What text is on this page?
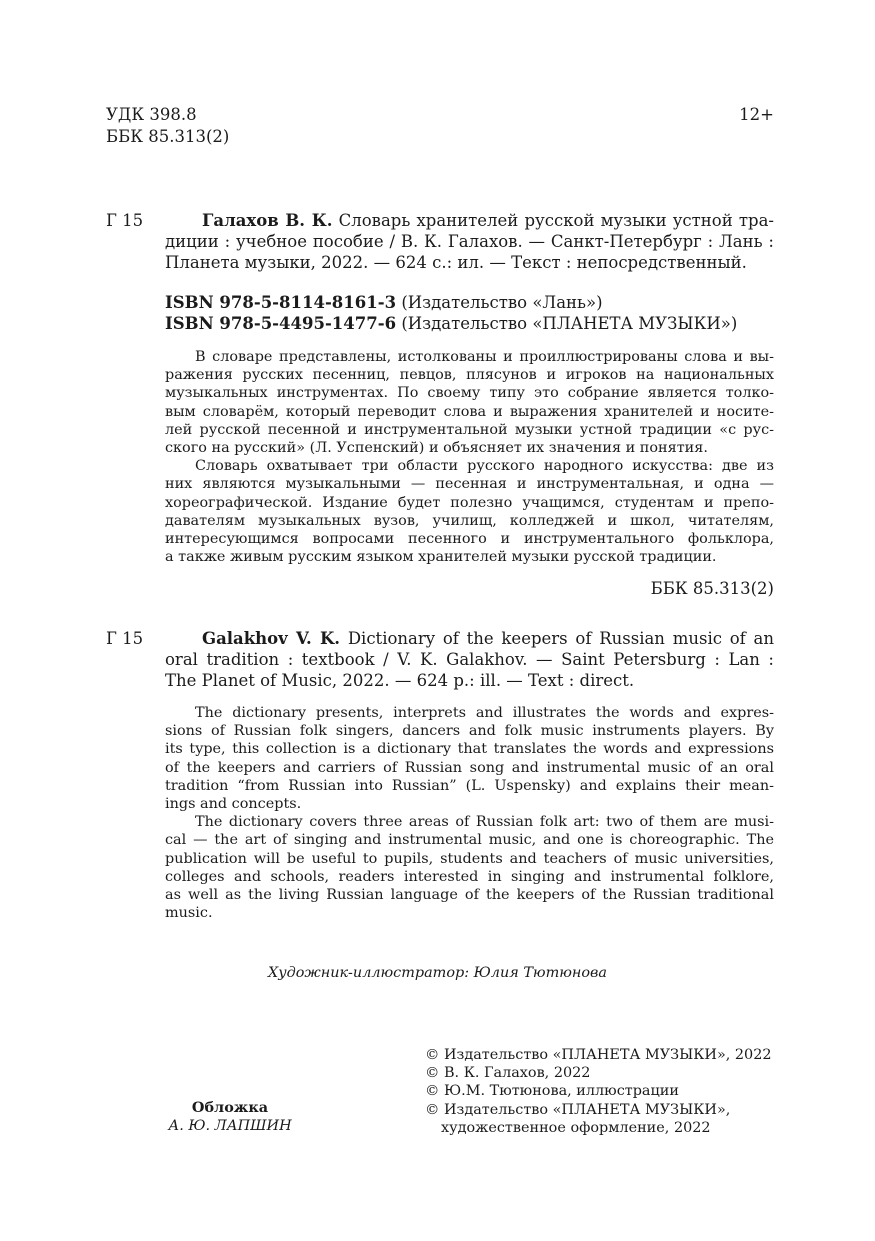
УДК 398.8
ББК 85.313(2)
12+
Г 15	Галахов В. К. Словарь хранителей русской музыки устной тра-
диции : учебное пособие / В. К. Галахов. — Санкт-Петербург : Лань :
Планета музыки, 2022. — 624 с.: ил. — Текст : непосредственный.
ISBN 978-5-8114-8161-3 (Издательство «Лань»)
ISBN 978-5-4495-1477-6 (Издательство «ПЛАНЕТА МУЗЫКИ»)
В словаре представлены, истолкованы и проиллюстрированы слова и вы-
ражения русских песенниц, певцов, плясунов и игроков на национальных
музыкальных инструментах. По своему типу это собрание является толко-
вым словарём, который переводит слова и выражения хранителей и носите-
лей русской песенной и инструментальной музыки устной традиции «с рус-
ского на русский» (Л. Успенский) и объясняет их значения и понятия.
Словарь охватывает три области русского народного искусства: две из
них являются музыкальными — песенная и инструментальная, и одна —
хореографической. Издание будет полезно учащимся, студентам и препо-
давателям музыкальных вузов, училищ, колледжей и школ, читателям,
интересующимся вопросами песенного и инструментального фольклора,
а также живым русским языком хранителей музыки русской традиции.
ББК 85.313(2)
Г 15	Galakhov V. K. Dictionary of the keepers of Russian music of an
oral tradition : textbook / V. K. Galakhov. — Saint Petersburg : Lan :
The Planet of Music, 2022. — 624 p.: ill. — Text : direct.
The dictionary presents, interprets and illustrates the words and expres-
sions of Russian folk singers, dancers and folk music instruments players. By
its type, this collection is a dictionary that translates the words and expressions
of the keepers and carriers of Russian song and instrumental music of an oral
tradition “from Russian into Russian” (L. Uspensky) and explains their mean-
ings and concepts.
The dictionary covers three areas of Russian folk art: two of them are musi-
cal — the art of singing and instrumental music, and one is choreographic. The
publication will be useful to pupils, students and teachers of music universities,
colleges and schools, readers interested in singing and instrumental folklore,
as well as the living Russian language of the keepers of the Russian traditional
music.
Художник-иллюстратор: Юлия Тютюнова
Обложка
А. Ю. ЛАПШИН
© Издательство «ПЛАНЕТА МУЗЫКИ», 2022
© В. К. Галахов, 2022
© Ю.М. Тютюнова, иллюстрации
© Издательство «ПЛАНЕТА МУЗЫКИ»,
художественное оформление, 2022
